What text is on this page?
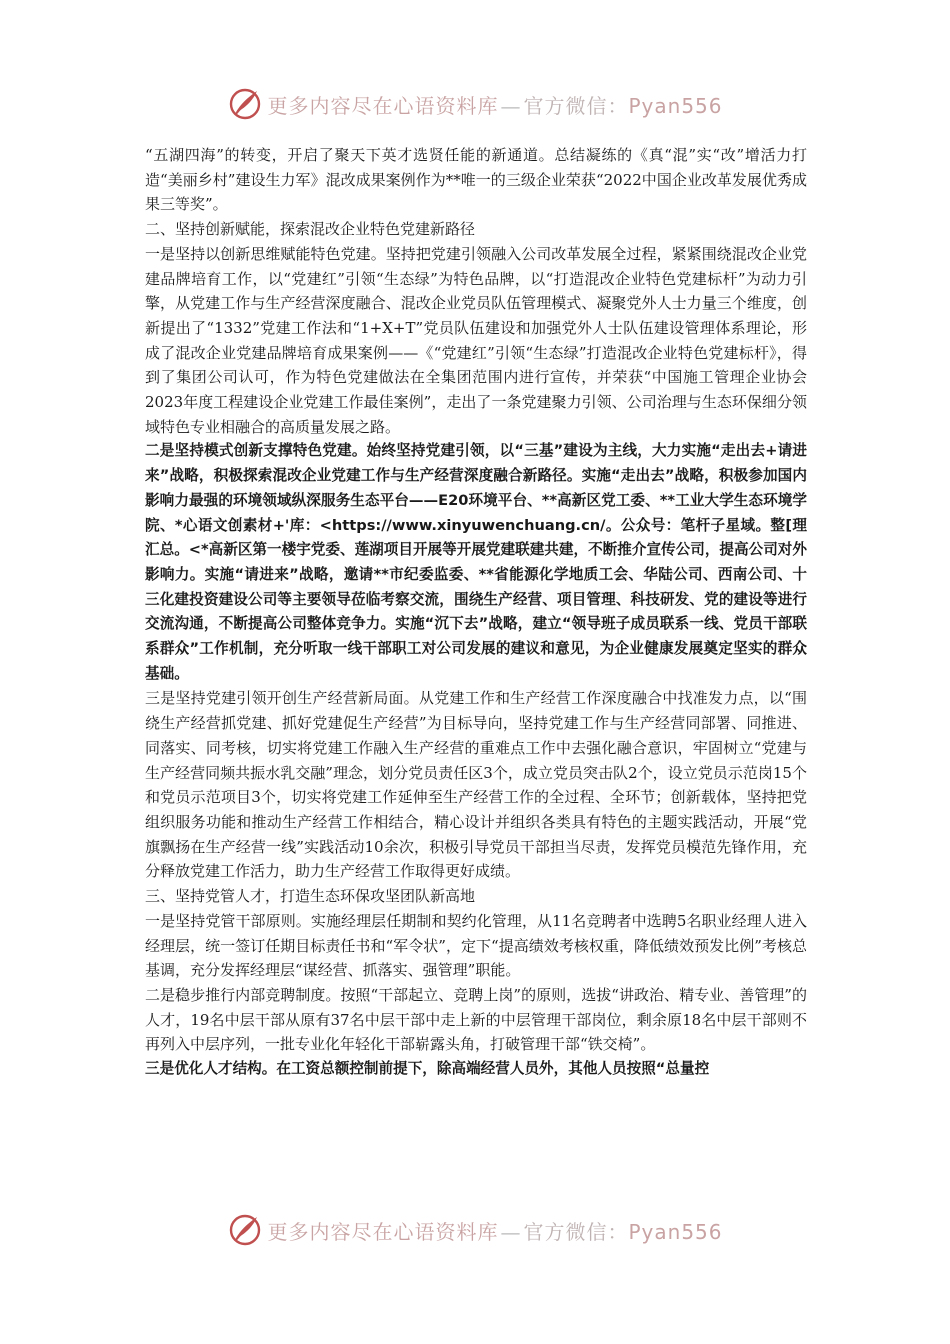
更多内容尽在心语资料库 — 官方微信：Pyan556

“五湖四海”的转变，开启了聚天下英才选贤任能的新通道。总结凝练的《真“混”实“改”增活力打造“美丽乡村”建设生力军》混改成果案例作为**唯一的三级企业荣获“2022中国企业改革发展优秀成果三等奖”。

二、坚持创新赋能，探索混改企业特色党建新路径

一是坚持以创新思维赋能特色党建。坚持把党建引领融入公司改革发展全过程，紧紧围绕混改企业党建品牌培育工作，以“党建红”引领“生态绿”为特色品牌，以“打造混改企业特色党建标杆”为动力引擎，从党建工作与生产经营深度融合、混改企业党员队伍管理模式、凝聚党外人士力量三个维度，创新提出了“1332”党建工作法和“1+X+T”党员队伍建设和加强党外人士队伍建设管理体系理论，形成了混改企业党建品牌培育成果案例——《“党建红”引领“生态绿”打造混改企业特色党建标杆》，得到了集团公司认可，作为特色党建做法在全集团范围内进行宣传，并荣获“中国施工管理企业协会2023年度工程建设企业党建工作最佳案例”，走出了一条党建聚力引领、公司治理与生态环保细分领域特色专业相融合的高质量发展之路。

二是坚持模式创新支撑特色党建。始终坚持党建引领，以“三基”建设为主线，大力实施“走出去+请进来”战略，积极探索混改企业党建工作与生产经营深度融合新路径。实施“走出去”战略，积极参加国内影响力最强的环境领域纵深服务生态平台——E20环境平台、**高新区党工委、**工业大学生态环境学院、*心语文创素材+'库：<https://www.xinyuwenchuang.cn/。公众号：笔杆子星域。整[理汇总。<*高新区第一楼宇党委、莲湖项目开展等开展党建联建共建，不断推介宣传公司，提高公司对外影响力。实施“请进来”战略，邀请**市纪委监委、**省能源化学地质工会、华陆公司、西南公司、十三化建投资建设公司等主要领导莅临考察交流，围绕生产经营、项目管理、科技研发、党的建设等进行交流沟通，不断提高公司整体竞争力。实施“沉下去”战略，建立“领导班子成员联系一线、党员干部联系群众”工作机制，充分听取一线干部职工对公司发展的建议和意见，为企业健康发展奠定坚实的群众基础。

三是坚持党建引领开创生产经营新局面。从党建工作和生产经营工作深度融合中找准发力点，以“围绕生产经营抓党建、抓好党建促生产经营”为目标导向，坚持党建工作与生产经营同部署、同推进、同落实、同考核，切实将党建工作融入生产经营的重难点工作中去强化融合意识，牢固树立“党建与生产经营同频共振水乳交融”理念，划分党员责任区3个，成立党员突击队2个，设立党员示范岗15个和党员示范项目3个，切实将党建工作延伸至生产经营工作的全过程、全环节；创新载体，坚持把党组织服务功能和推动生产经营工作相结合，精心设计并组织各类具有特色的主题实践活动，开展“党旗飘扬在生产经营一线”实践活动10余次，积极引导党员干部担当尽责，发挥党员模范先锋作用，充分释放党建工作活力，助力生产经营工作取得更好成绩。

三、坚持党管人才，打造生态环保攻坚团队新高地

一是坚持党管干部原则。实施经理层任期制和契约化管理，从11名竞聘者中选聘5名职业经理人进入经理层，统一签订任期目标责任书和“军令状”，定下“提高绩效考核权重，降低绩效预发比例”考核总基调，充分发挥经理层“谋经营、抓落实、强管理”职能。

二是稳步推行内部竞聘制度。按照“干部起立、竞聘上岗”的原则，选拔“讲政治、精专业、善管理”的人才，19名中层干部从原有37名中层干部中走上新的中层管理干部岗位，剩余原18名中层干部则不再列入中层序列，一批专业化年轻化干部崭露头角，打破管理干部“铁交椅”。

三是优化人才结构。在工资总额控制前提下，除高端经营人员外，其他人员按照“总量控

更多内容尽在心语资料库 — 官方微信：Pyan556
